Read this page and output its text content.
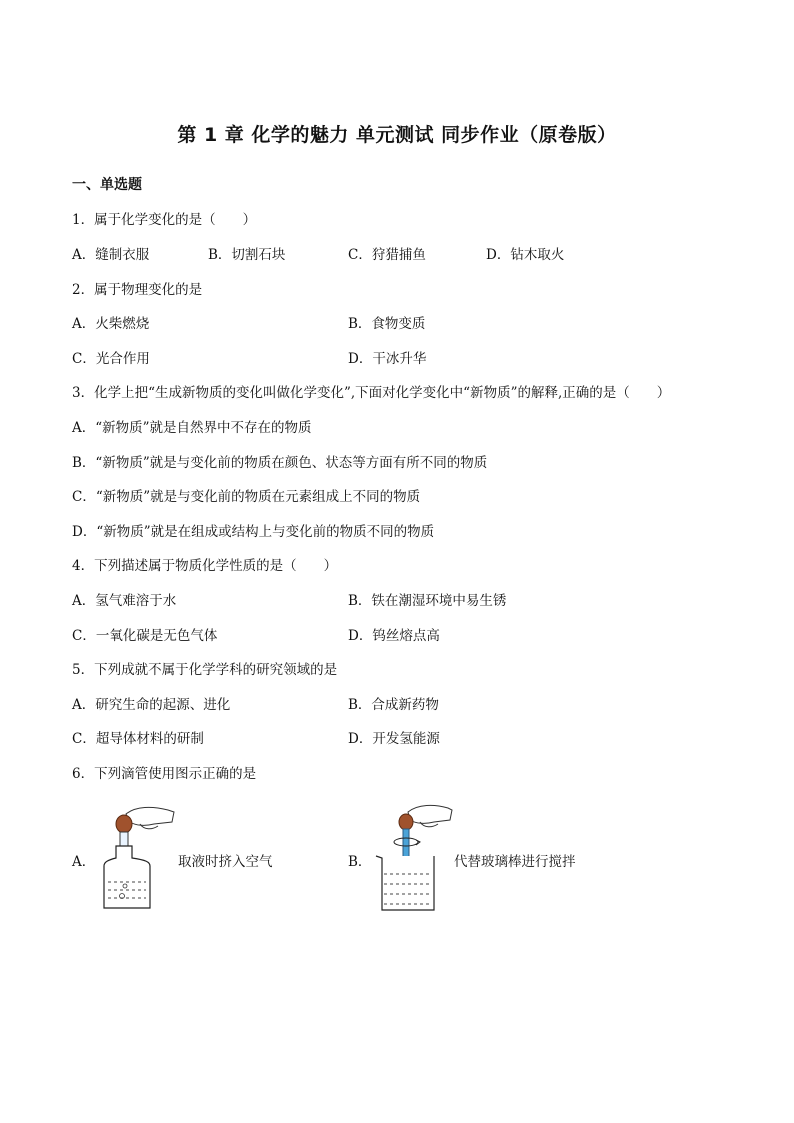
第 1 章 化学的魅力 单元测试 同步作业（原卷版）
一、单选题
1．属于化学变化的是（　　）
A．缝制衣服	B．切割石块	C．狩猎捕鱼	D．钻木取火
2．属于物理变化的是
A．火柴燃烧	B．食物变质
C．光合作用	D．干冰升华
3．化学上把“生成新物质的变化叫做化学变化”,下面对化学变化中“新物质”的解释,正确的是（　　）
A．“新物质”就是自然界中不存在的物质
B．“新物质”就是与变化前的物质在颜色、状态等方面有所不同的物质
C．“新物质”就是与变化前的物质在元素组成上不同的物质
D．“新物质”就是在组成或结构上与变化前的物质不同的物质
4．下列描述属于物质化学性质的是（　　）
A．氢气难溶于水	B．铁在潮湿环境中易生锈
C．一氧化碳是无色气体	D．钨丝熔点高
5．下列成就不属于化学学科的研究领域的是
A．研究生命的起源、进化	B．合成新药物
C．超导体材料的研制	D．开发氢能源
6．下列滴管使用图示正确的是
A．	取液时挤入空气	B．	代替玻璃棒进行搅拌
